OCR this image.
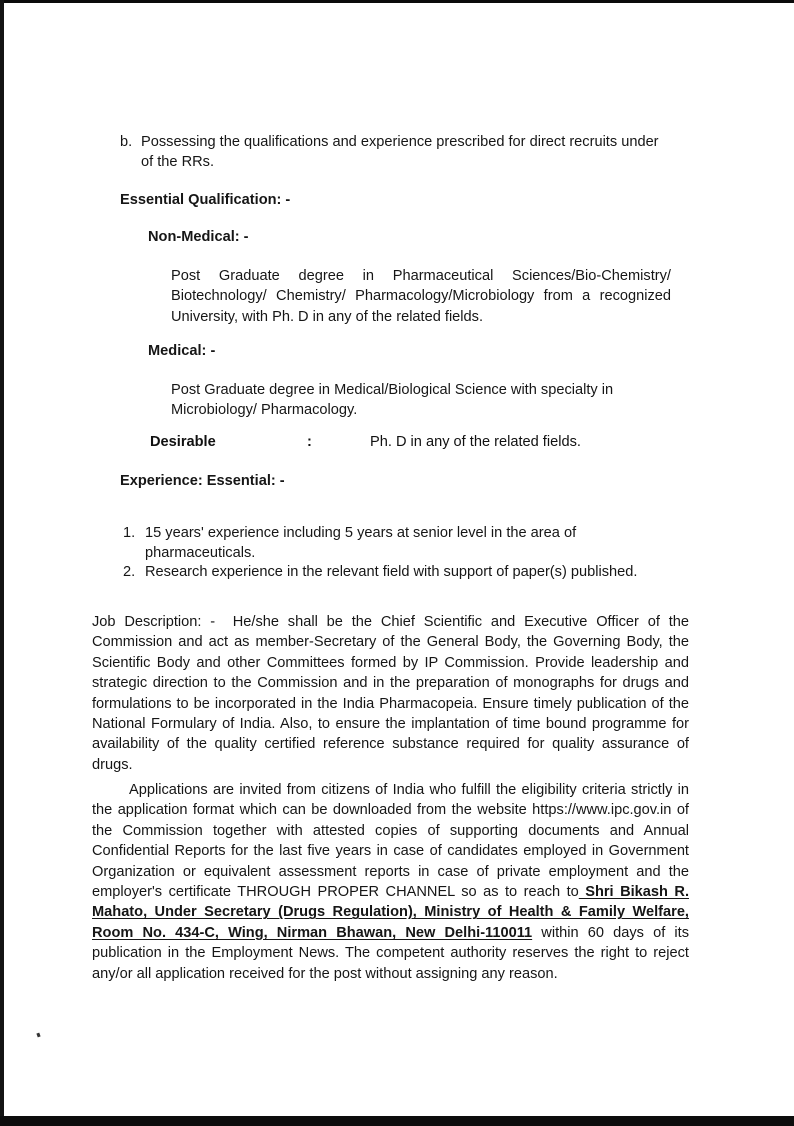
b. Possessing the qualifications and experience prescribed for direct recruits under of the RRs.
Essential Qualification: -
Non-Medical: -
Post Graduate degree in Pharmaceutical Sciences/Bio-Chemistry/ Biotechnology/ Chemistry/ Pharmacology/Microbiology from a recognized University, with Ph. D in any of the related fields.
Medical: -
Post Graduate degree in Medical/Biological Science with specialty in Microbiology/ Pharmacology.
Desirable	:	Ph. D in any of the related fields.
Experience: Essential: -
1. 15 years' experience including 5 years at senior level in the area of pharmaceuticals.
2. Research experience in the relevant field with support of paper(s) published.
Job Description: - He/she shall be the Chief Scientific and Executive Officer of the Commission and act as member-Secretary of the General Body, the Governing Body, the Scientific Body and other Committees formed by IP Commission. Provide leadership and strategic direction to the Commission and in the preparation of monographs for drugs and formulations to be incorporated in the India Pharmacopeia. Ensure timely publication of the National Formulary of India. Also, to ensure the implantation of time bound programme for availability of the quality certified reference substance required for quality assurance of drugs.
Applications are invited from citizens of India who fulfill the eligibility criteria strictly in the application format which can be downloaded from the website https://www.ipc.gov.in of the Commission together with attested copies of supporting documents and Annual Confidential Reports for the last five years in case of candidates employed in Government Organization or equivalent assessment reports in case of private employment and the employer's certificate THROUGH PROPER CHANNEL so as to reach to Shri Bikash R. Mahato, Under Secretary (Drugs Regulation), Ministry of Health & Family Welfare, Room No. 434-C, Wing, Nirman Bhawan, New Delhi-110011 within 60 days of its publication in the Employment News. The competent authority reserves the right to reject any/or all application received for the post without assigning any reason.
